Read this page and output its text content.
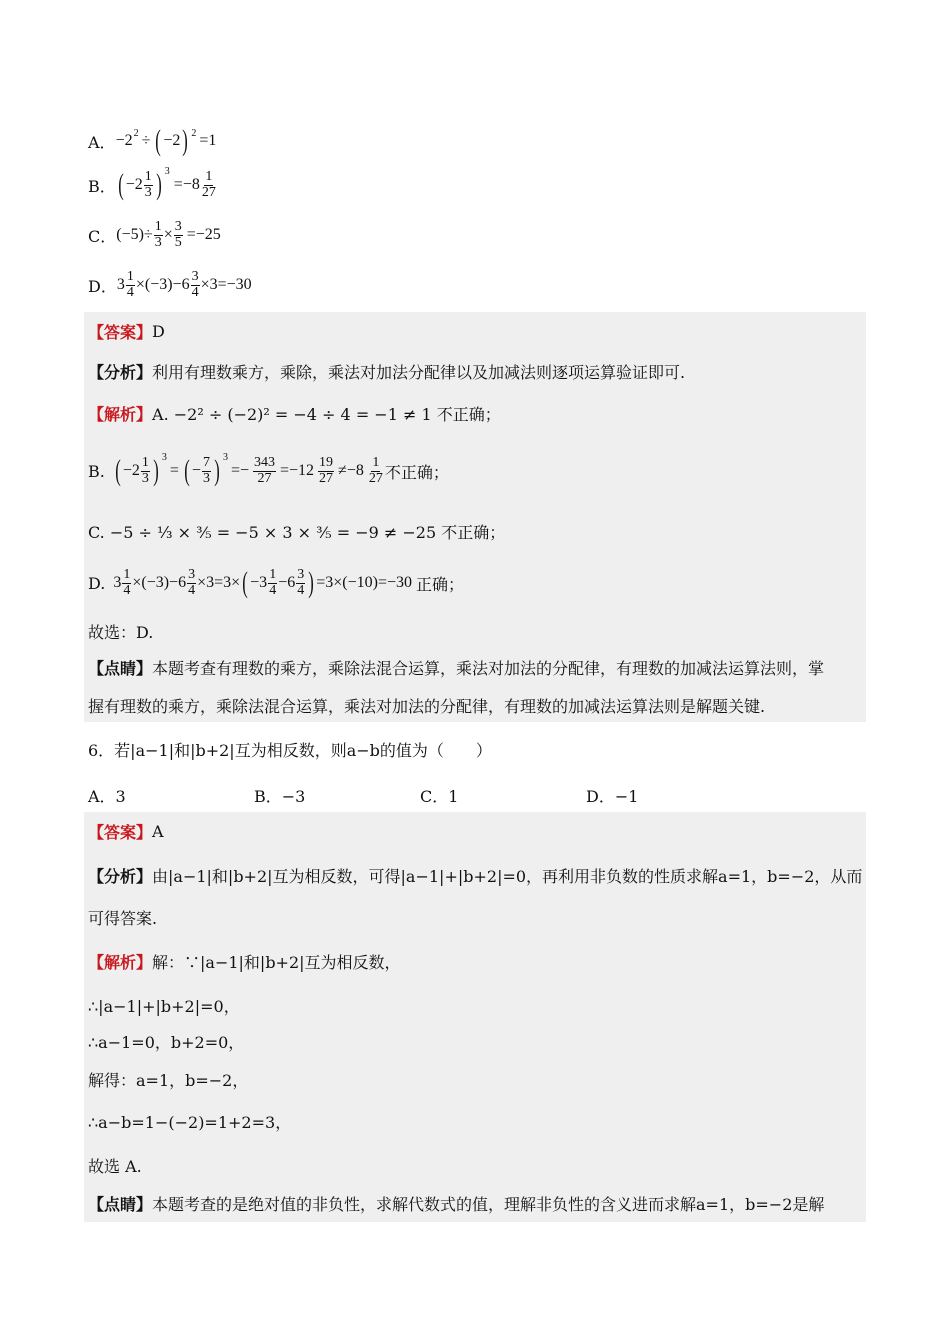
A． −2 2 ÷ ( −2 ) 2 =1
B． ( $-2 \frac{1}{3}$ ) 3
$=-8 \frac{1}{27}$
C． $(-5)\div \frac{1}{3} \times \frac{3}{5} =-25$
D． $3 \frac{1}{4} \times(-3)-6 \frac{3}{4} \times 3=-30$
【答案】 D
【分析】 利用有理数乘方，乘除，乘法对加法分配律以及加减法则逐项运算验证即可.
【解析】 A. −2² ÷ (−2)² = −4 ÷ 4 = −1 ≠ 1 不正确；
B. ( $-2 \frac{1}{3}$ ) 3
= ( − $\frac{7}{3}$ ) 3
=− $\frac{343}{27} =-12 \frac{19}{27} \ne-8 \frac{1}{27}$ 不正确；
C. −5 ÷ ⅓ × ⅗ = −5 × 3 × ⅗ = −9 ≠ −25 不正确；
D. $3 \frac{1}{4} \times(-3)-6 \frac{3}{4} \times 3=3\times$ ( $-3 \frac{1}{4} -6 \frac{3}{4}$ ) =3×(−10)=−30 正确；
故选：D.
【点睛】 本题考查有理数的乘方，乘除法混合运算，乘法对加法的分配律，有理数的加减法运算法则，掌
握有理数的乘方，乘除法混合运算，乘法对加法的分配律，有理数的加减法运算法则是解题关键.
6．若|a−1|和|b+2|互为相反数，则a−b的值为（　　）
A．3	B．−3	C．1	D．−1
【答案】 A
【分析】 由|a−1|和|b+2|互为相反数，可得|a−1|+|b+2|=0，再利用非负数的性质求解a=1，b=−2，从而
可得答案.
【解析】 解：∵|a−1|和|b+2|互为相反数，
∴|a−1|+|b+2|=0，
∴a−1=0，b+2=0，
解得：a=1，b=−2，
∴a−b=1−(−2)=1+2=3，
故选 A.
【点睛】 本题考查的是绝对值的非负性，求解代数式的值，理解非负性的含义进而求解a=1，b=−2是解
